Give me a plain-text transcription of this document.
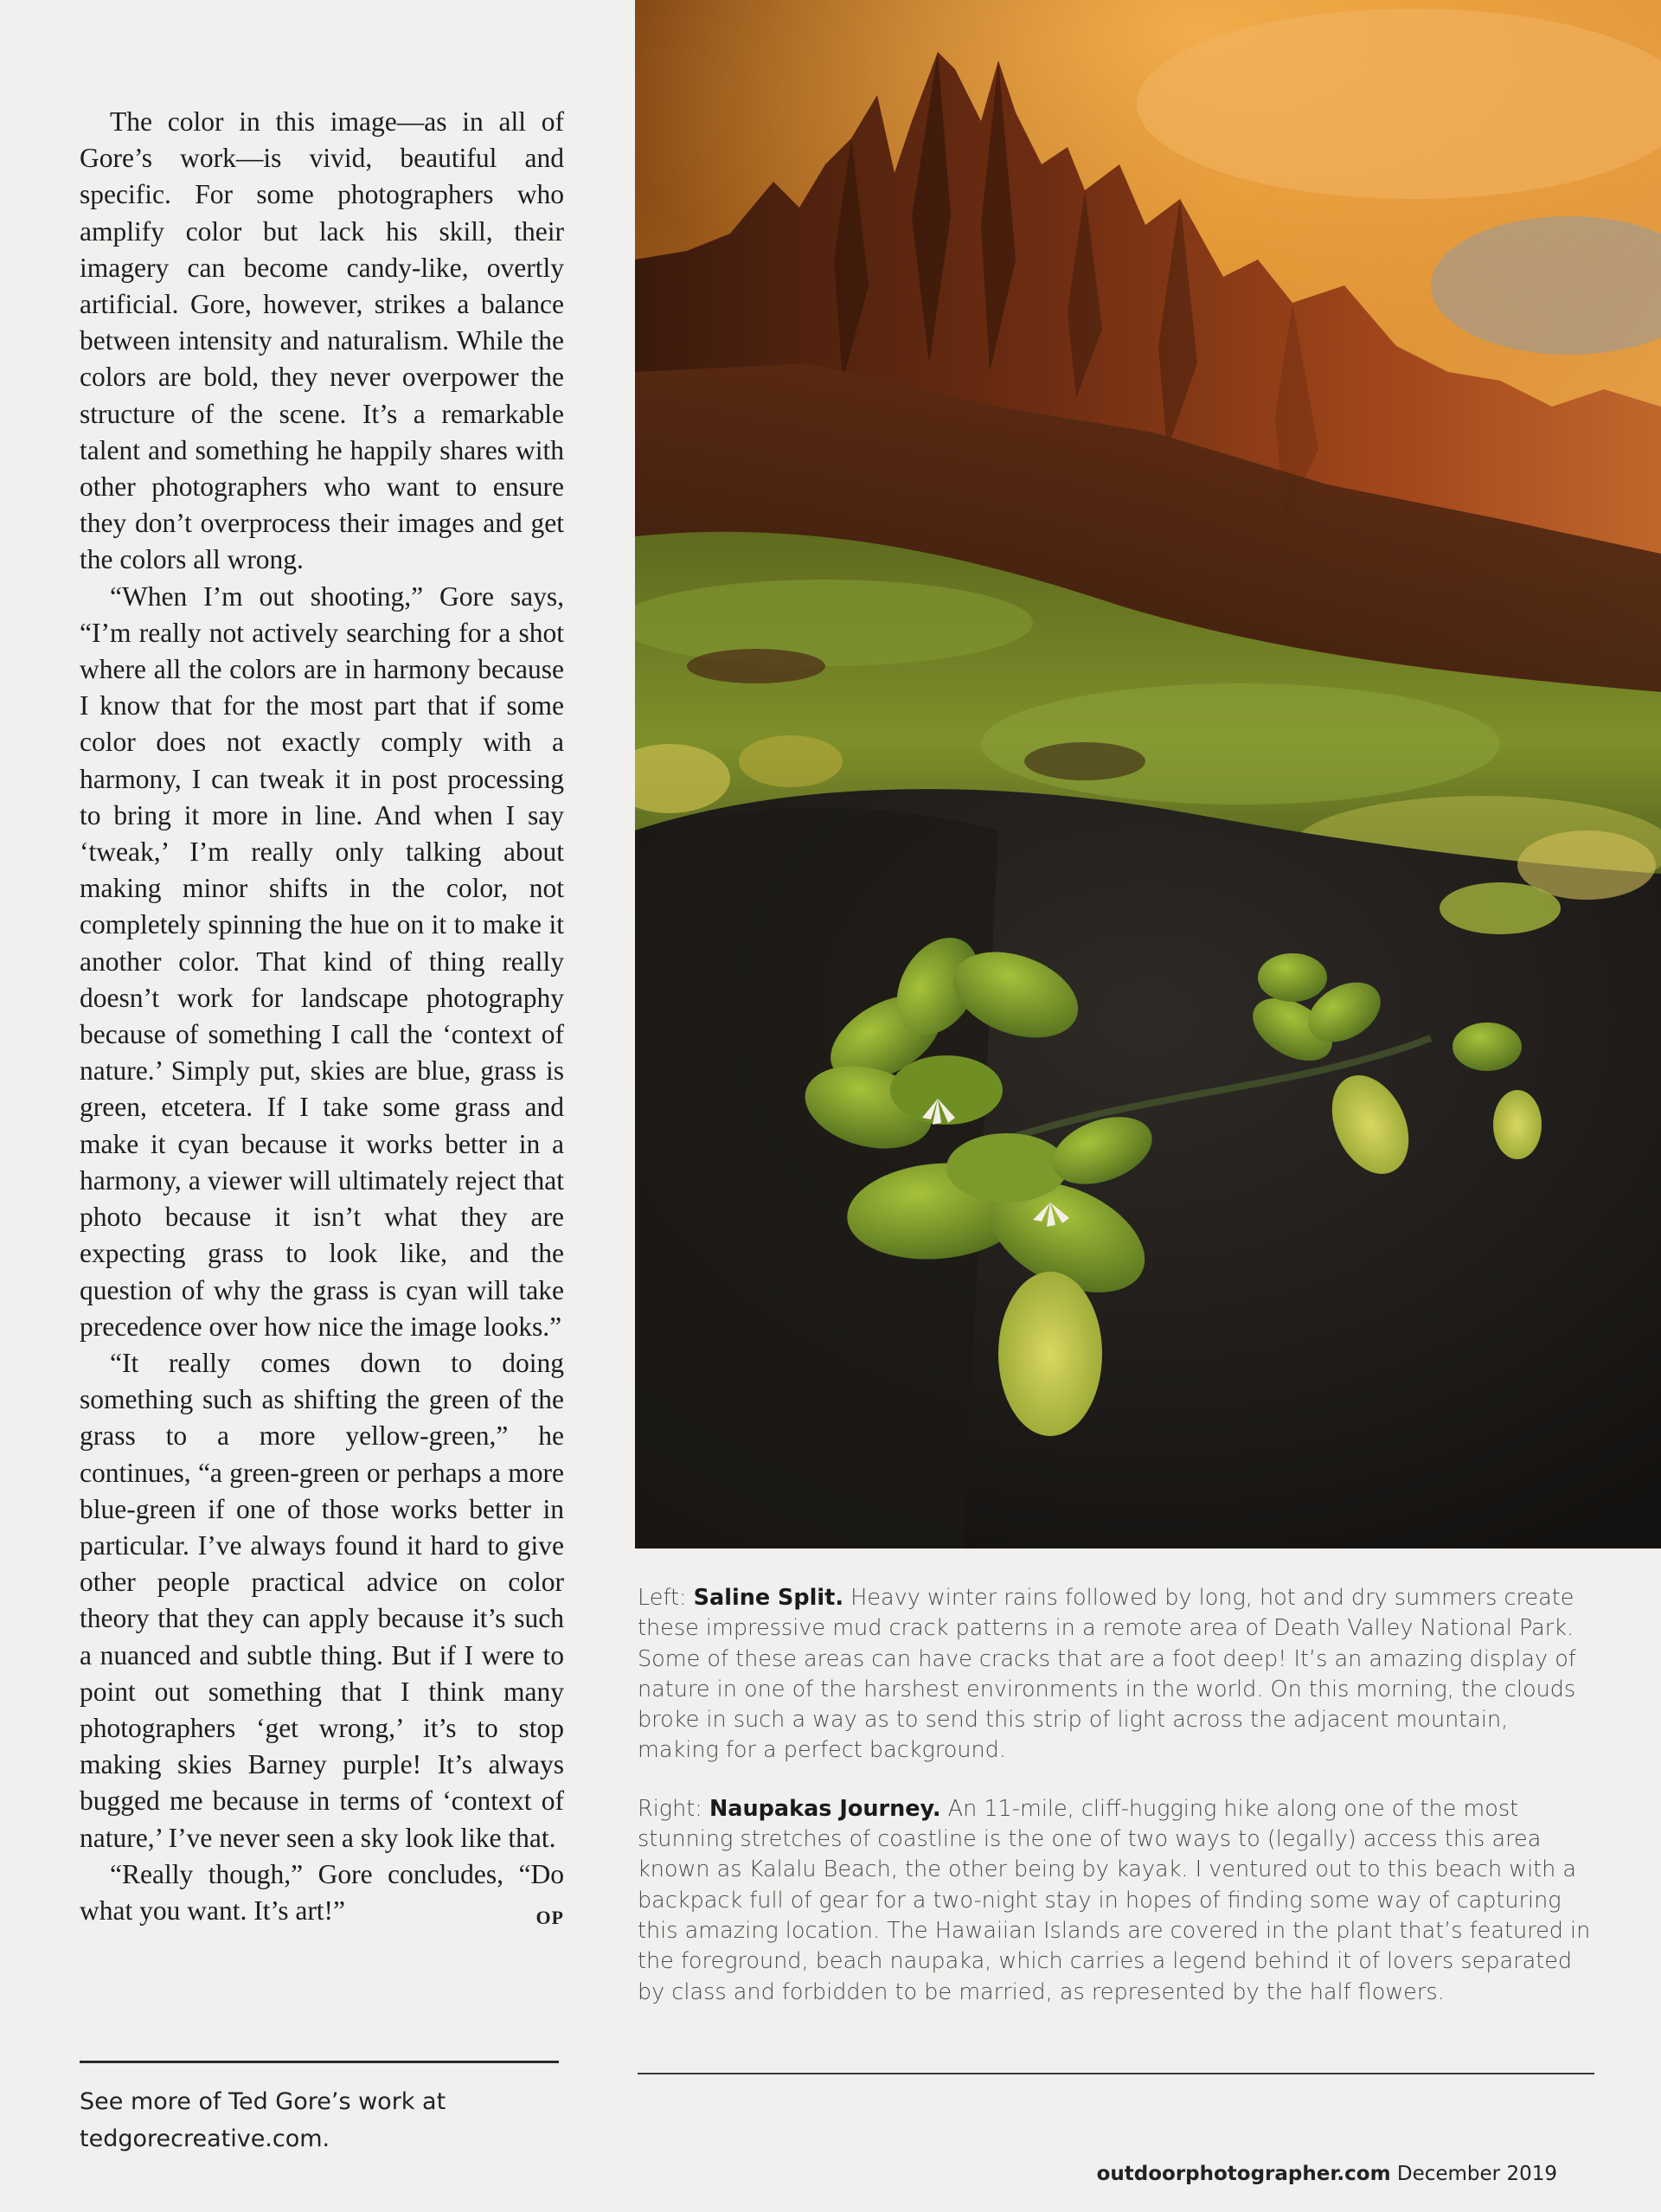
The color in this image—as in all of Gore’s work—is vivid, beautiful and specific. For some photographers who amplify color but lack his skill, their imagery can become candy-like, overtly artificial. Gore, however, strikes a balance between intensity and naturalism. While the colors are bold, they never overpower the structure of the scene. It’s a remarkable talent and something he happily shares with other photographers who want to ensure they don’t overprocess their images and get the colors all wrong.

“When I’m out shooting,” Gore says, “I’m really not actively searching for a shot where all the colors are in harmony because I know that for the most part that if some color does not exactly comply with a harmony, I can tweak it in post processing to bring it more in line. And when I say ‘tweak,’ I’m really only talking about making minor shifts in the color, not completely spinning the hue on it to make it another color. That kind of thing really doesn’t work for landscape photography because of something I call the ‘context of nature.’ Simply put, skies are blue, grass is green, etcetera. If I take some grass and make it cyan because it works better in a harmony, a viewer will ultimately reject that photo because it isn’t what they are expecting grass to look like, and the question of why the grass is cyan will take precedence over how nice the image looks.”

“It really comes down to doing something such as shifting the green of the grass to a more yellow-green,” he continues, “a green-green or perhaps a more blue-green if one of those works better in particular. I’ve always found it hard to give other people practical advice on color theory that they can apply because it’s such a nuanced and subtle thing. But if I were to point out something that I think many photographers ‘get wrong,’ it’s to stop making skies Barney purple! It’s always bugged me because in terms of ‘context of nature,’ I’ve never seen a sky look like that.

“Really though,” Gore concludes, “Do what you want. It’s art!”	OP

See more of Ted Gore’s work at
tedgorecreative.com.

Left: Saline Split. Heavy winter rains followed by long, hot and dry summers create these impressive mud crack patterns in a remote area of Death Valley National Park. Some of these areas can have cracks that are a foot deep! It’s an amazing display of nature in one of the harshest environments in the world. On this morning, the clouds broke in such a way as to send this strip of light across the adjacent mountain, making for a perfect background.

Right: Naupakas Journey. An 11-mile, cliff-hugging hike along one of the most stunning stretches of coastline is the one of two ways to (legally) access this area known as Kalalu Beach, the other being by kayak. I ventured out to this beach with a backpack full of gear for a two-night stay in hopes of finding some way of capturing this amazing location. The Hawaiian Islands are covered in the plant that’s featured in the foreground, beach naupaka, which carries a legend behind it of lovers separated by class and forbidden to be married, as represented by the half flowers.

outdoorphotographer.com December 2019
